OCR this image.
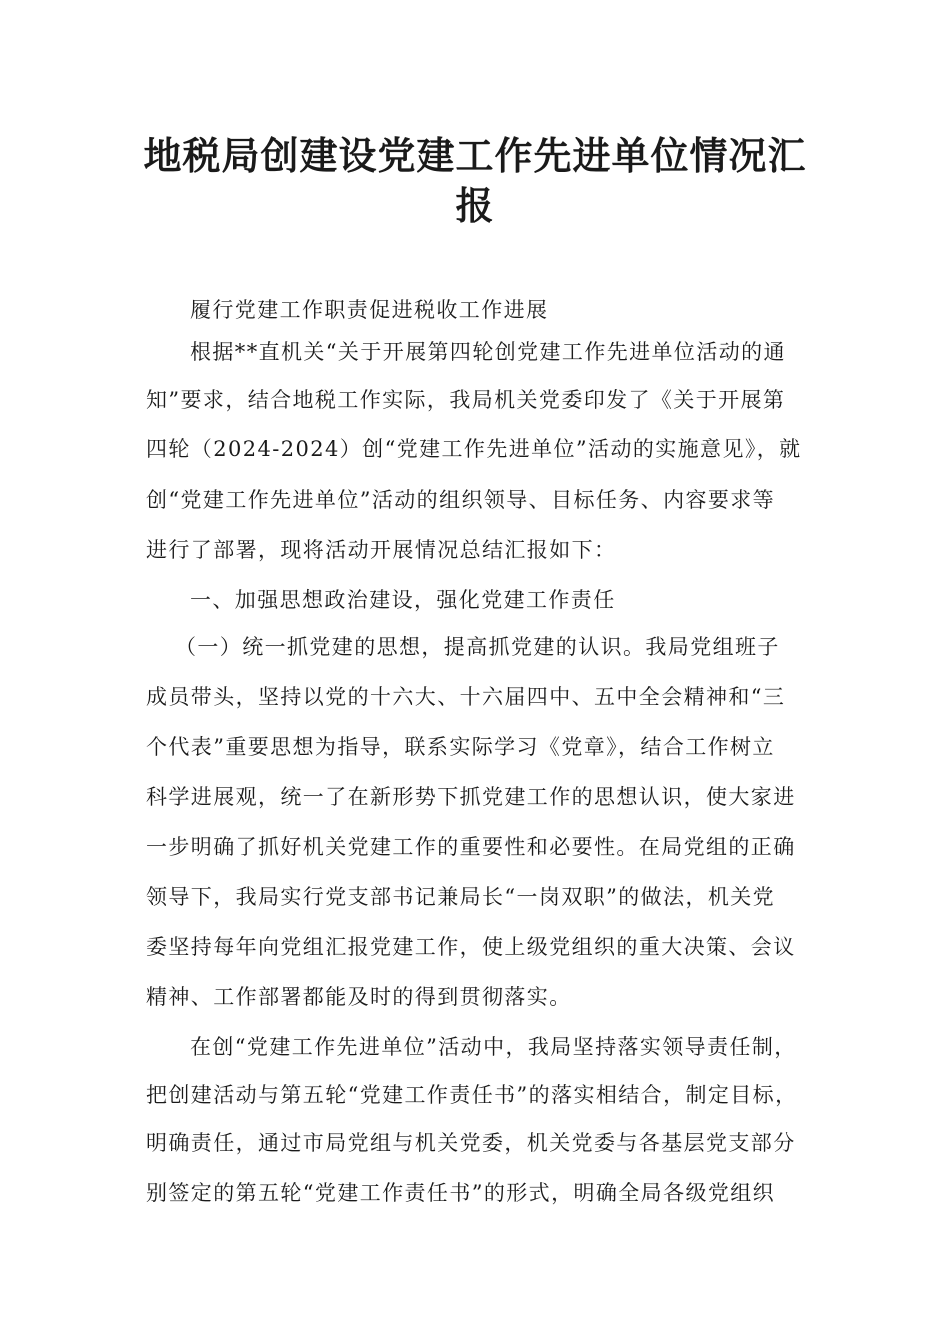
地税局创建设党建工作先进单位情况汇
报

履行党建工作职责促进税收工作进展

根据**直机关“关于开展第四轮创党建工作先进单位活动的通

知”要求，结合地税工作实际，我局机关党委印发了《关于开展第

四轮（2024-2024）创“党建工作先进单位”活动的实施意见》，就

创“党建工作先进单位”活动的组织领导、目标任务、内容要求等

进行了部署，现将活动开展情况总结汇报如下：

一、加强思想政治建设，强化党建工作责任

（一）统一抓党建的思想，提高抓党建的认识。我局党组班子

成员带头，坚持以党的十六大、十六届四中、五中全会精神和“三

个代表”重要思想为指导，联系实际学习《党章》，结合工作树立

科学进展观，统一了在新形势下抓党建工作的思想认识，使大家进

一步明确了抓好机关党建工作的重要性和必要性。在局党组的正确

领导下，我局实行党支部书记兼局长“一岗双职”的做法，机关党

委坚持每年向党组汇报党建工作，使上级党组织的重大决策、会议

精神、工作部署都能及时的得到贯彻落实。

在创“党建工作先进单位”活动中，我局坚持落实领导责任制，

把创建活动与第五轮“党建工作责任书”的落实相结合，制定目标，

明确责任，通过市局党组与机关党委，机关党委与各基层党支部分

别签定的第五轮“党建工作责任书”的形式，明确全局各级党组织
